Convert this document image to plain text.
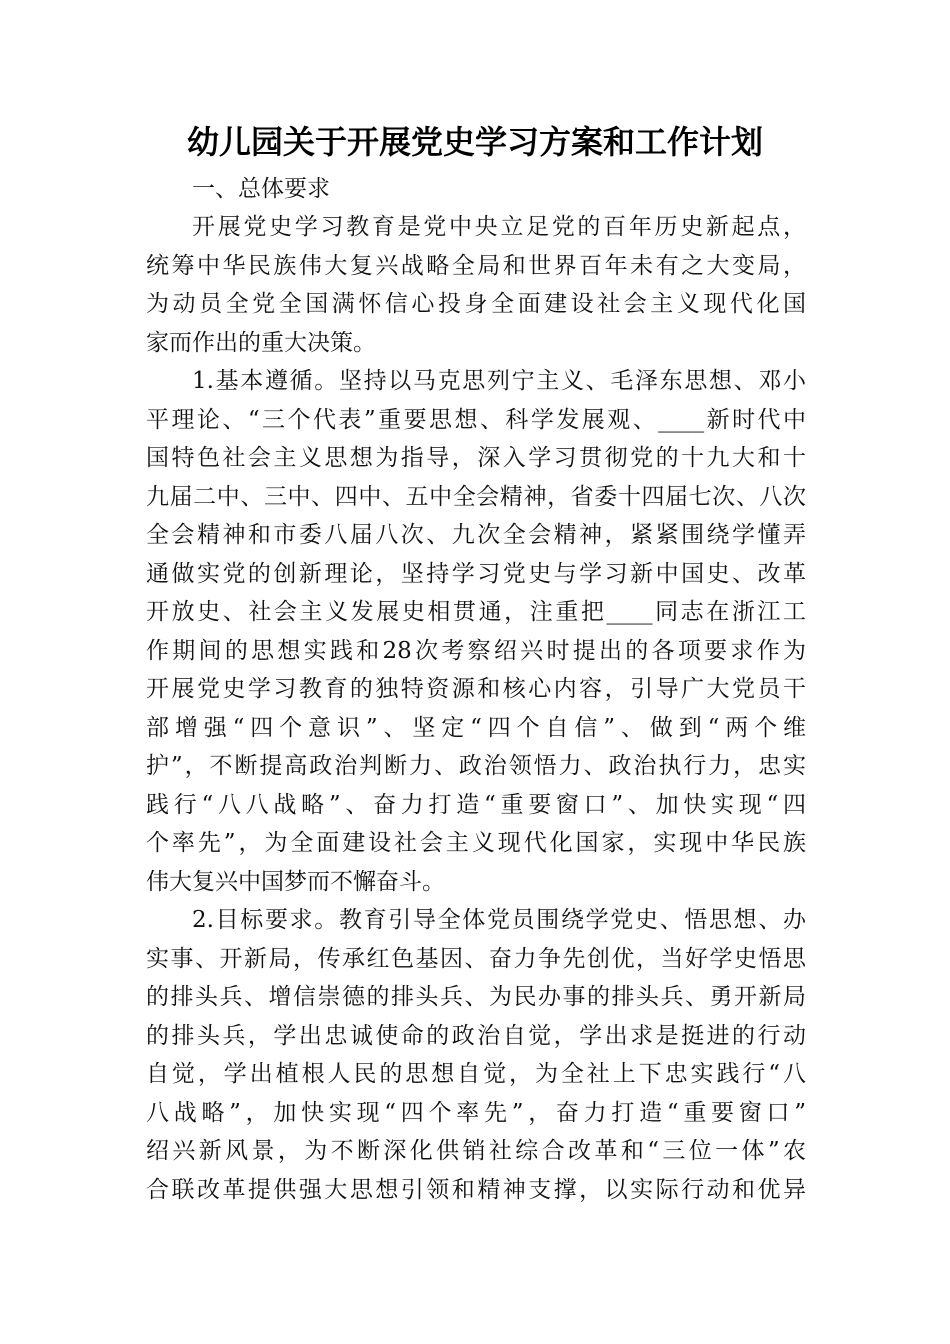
幼儿园关于开展党史学习方案和工作计划
一、总体要求
开展党史学习教育是党中央立足党的百年历史新起点，
统筹中华民族伟大复兴战略全局和世界百年未有之大变局，
为动员全党全国满怀信心投身全面建设社会主义现代化国
家而作出的重大决策。
1.基本遵循。坚持以马克思列宁主义、毛泽东思想、邓小
平理论、“三个代表”重要思想、科学发展观、____新时代中
国特色社会主义思想为指导，深入学习贯彻党的十九大和十
九届二中、三中、四中、五中全会精神，省委十四届七次、八次
全会精神和市委八届八次、九次全会精神，紧紧围绕学懂弄
通做实党的创新理论，坚持学习党史与学习新中国史、改革
开放史、社会主义发展史相贯通，注重把____同志在浙江工
作期间的思想实践和28次考察绍兴时提出的各项要求作为
开展党史学习教育的独特资源和核心内容，引导广大党员干
部增强“四个意识”、坚定“四个自信”、做到“两个维
护”，不断提高政治判断力、政治领悟力、政治执行力，忠实
践行“八八战略”、奋力打造“重要窗口”、加快实现“四
个率先”，为全面建设社会主义现代化国家，实现中华民族
伟大复兴中国梦而不懈奋斗。
2.目标要求。教育引导全体党员围绕学党史、悟思想、办
实事、开新局，传承红色基因、奋力争先创优，当好学史悟思
的排头兵、增信崇德的排头兵、为民办事的排头兵、勇开新局
的排头兵，学出忠诚使命的政治自觉，学出求是挺进的行动
自觉，学出植根人民的思想自觉，为全社上下忠实践行“八
八战略”，加快实现“四个率先”，奋力打造“重要窗口”
绍兴新风景，为不断深化供销社综合改革和“三位一体”农
合联改革提供强大思想引领和精神支撑，以实际行动和优异
